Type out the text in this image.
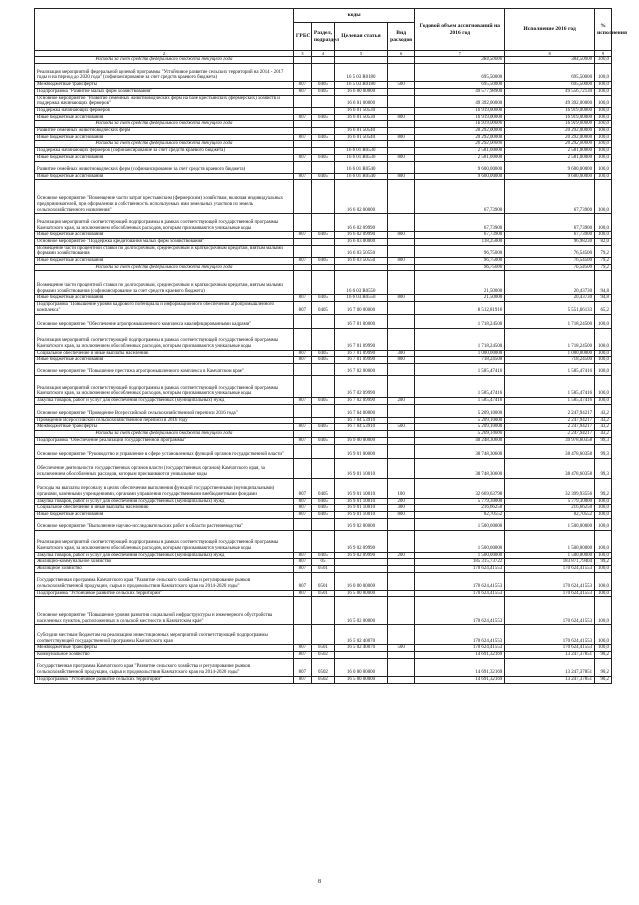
	коды				Годовой объем ассигнований на 2016 год	Исполнение 2016 год	% исполнения
	ГРБС	Раздел, подраздел	Целевая статья	Вид расходов			
2	3	4	5	6	7	8	9
Расходы за счет средств федерального бюджета текущего года					384,50000	384,50000	100,0
Реализация мероприятий федеральной целевой программы "Устойчивое развитие сельских территорий на 2014 - 2017 годы и на период до 2020 года" (софинансирование за счет средств краевого бюджета)			16 5 03 R0180		695,50000	695,50000	100,0
Межбюджетные трансферты	807	0405	16 5 03 R0180	500	695,50000	695,50000	100,0
Подпрограмма "Развитие малых форм хозяйствования"	807	0405	16 6 00 00000		49 577,98900	49 556,72130	100,0
Основное мероприятие "Развитие семейных животноводческих ферм на базе крестьянских (фермерских) хозяйств и поддержка начинающих фермеров"			16 6 01 00000		49 392,00000	49 392,00000	100,0
Поддержка начинающих фермеров			16 6 01 50530		16 919,00000	16 919,00000	100,0
Иные бюджетные ассигнования	807	0405	16 6 01 50530	800	16 919,00000	16 919,00000	100,0
Расходы за счет средств федерального бюджета текущего года					16 919,00000	16 919,00000	100,0
Развитие семейных животноводческих ферм			16 6 01 50540		20 292,00000	20 292,00000	100,0
Иные бюджетные ассигнования	807	0405	16 6 01 50540	800	20 292,00000	20 292,00000	100,0
Расходы за счет средств федерального бюджета текущего года					20 292,00000	20 292,00000	100,0
Поддержка начинающих фермеров (софинансирование за счет средств краевого бюджета)			16 6 01 R0530		2 581,00000	2 581,00000	100,0
Иные бюджетные ассигнования	807	0405	16 6 01 R0530	800	2 581,00000	2 581,00000	100,0
Развитие семейных животноводческих ферм (софинансирование за счет средств краевого бюджета)			16 6 01 R0540		9 600,00000	9 600,00000	100,0
Иные бюджетные ассигнования	807	0405	16 6 01 R0540	800	9 600,00000	9 600,00000	100,0
Основное мероприятие "Возмещение части затрат крестьянским (фермерским) хозяйствам, включая индивидуальных предпринимателей, при оформлении в собственность используемых ими земельных участков из земель сельскохозяйственного назначения"			16 6 02 00000		67,73900	67,73900	100,0
Реализация мероприятий соответствующей подпрограммы в рамках соответствующей государственной программы Камчатского края, за исключением обособленных расходов, которым присваиваются уникальные коды			16 6 02 09990		67,73900	67,73900	100,0
Иные бюджетные ассигнования	807	0405	16 6 02 09990	800	67,73900	67,73900	100,0
Основное мероприятие "Поддержка кредитования малых форм хозяйствования"			16 6 03 00000		118,25000	96,98230	82,0
Возмещение части процентной ставки по долгосрочным, среднесрочным и краткосрочным кредитам, взятым малыми формами хозяйствования			16 6 03 50550		96,75000	76,54500	79,2
Иные бюджетные ассигнования	807	0405	16 6 03 50550	800	96,75000	76,54500	79,2
Расходы за счет средств федерального бюджета текущего года					96,75000	76,54500	79,2
Возмещение части процентной ставки по долгосрочным, среднесрочным и краткосрочным кредитам, взятым малыми формами хозяйствования (софинансирование за счет средств краевого бюджета)			16 6 03 R0550		21,50000	20,43730	94,8
Иные бюджетные ассигнования	807	0405	16 6 03 R0550	800	21,50000	20,43730	94,8
Подпрограмма "Повышение уровня кадрового потенциала и информационного обеспечения агропромышленного комплекса"	807	0405	16 7 00 00000		8 512,81916	5 551,66133	65,2
Основное мероприятие "Обеспечение агропромышленного комплекса квалифицированными кадрами"			16 7 01 00000		1 718,24500	1 718,24500	100,0
Реализация мероприятий соответствующей подпрограммы в рамках соответствующей государственной программы Камчатского края, за исключением обособленных расходов, которым присваиваются уникальные коды			16 7 01 09990		1 718,24500	1 718,24500	100,0
Социальное обеспечение и иные выплаты населению	807	0405	16 7 01 09990	300	1 000,00000	1 000,00000	100,0
Иные бюджетные ассигнования	807	0405	16 7 01 09990	800	718,24500	718,24500	100,0
Основное мероприятие "Повышение престижа агропромышленного комплекса в Камчатском крае"			16 7 02 00000		1 585,47416	1 585,47416	100,0
Реализация мероприятий соответствующей подпрограммы в рамках соответствующей государственной программы Камчатского края, за исключением обособленных расходов, которым присваиваются уникальные коды			16 7 02 09990		1 585,47416	1 585,47416	100,0
Закупка товаров, работ и услуг для обеспечения государственных (муниципальных) нужд	807	0405	16 7 02 09990	200	1 585,47416	1 585,47416	100,0
Основное мероприятие "Проведение Всероссийской сельскохозяйственной переписи 2016 года"			16 7 04 00000		5 209,10000	2 247,94217	43,2
Проведение Всероссийской сельскохозяйственной переписи в 2016 году			16 7 04 53910		5 209,10000	2 247,94217	43,2
Межбюджетные трансферты	807	0405	16 7 04 53910	500	5 209,10000	2 247,94217	43,2
Расходы за счет средств федерального бюджета текущего года					5 209,10000	2 247,94217	43,2
Подпрограмма "Обеспечение реализации государственной программы"	807	0405	16 9 00 00000		40 248,30600	39 978,60358	99,3
Основное мероприятие "Руководство и управление в сфере установленных функций органов государственной власти"			16 9 01 00000		38 748,30600	38 478,60358	99,3
Обеспечение деятельности государственных органов власти (государственных органов) Камчатского края, за исключением обособленных расходов, которым присваиваются уникальные коды			16 9 01 10010		38 748,30600	38 478,60358	99,3
Расходы на выплаты персоналу в целях обеспечения выполнения функций государственными (муниципальными) органами, казенными учреждениями, органами управления государственными внебюджетными фондами	807	0405	16 9 01 10010	100	32 669,63798	32 399,93556	99,2
Закупка товаров, работ и услуг для обеспечения государственных (муниципальных) нужд	807	0405	16 9 01 10010	200	5 779,30000	5 779,30000	100,0
Социальное обеспечение и иные выплаты населению	807	0405	16 9 01 10010	300	216,66250	216,66250	100,0
Иные бюджетные ассигнования	807	0405	16 9 01 10010	800	82,70552	82,70552	100,0
Основное мероприятие "Выполнение научно-исследовательских работ в области растениеводства"			16 9 02 00000		1 500,00000	1 500,00000	100,0
Реализация мероприятий соответствующей подпрограммы в рамках соответствующей государственной программы Камчатского края, за исключением обособленных расходов, которым присваиваются уникальные коды			16 9 02 09990		1 500,00000	1 500,00000	100,0
Закупка товаров, работ и услуг для обеспечения государственных (муниципальных) нужд	807	0405	16 9 02 09990	200	1 500,00000	1 500,00000	100,0
Жилищно-коммунальное хозяйство	807	05			185 315,73722	183 871,79404	99,2
Жилищное хозяйство	807	0501			170 624,41553	170 624,41553	100,0
Государственная программа Камчатского края "Развитие сельского хозяйства и регулирование рынков сельскохозяйственной продукции, сырья и продовольствия Камчатского края на 2014-2020 годы"	807	0501	16 0 00 00000		170 624,41553	170 624,41553	100,0
Подпрограмма "Устойчивое развитие сельских территорий"	807	0501	16 5 00 00000		170 624,41553	170 624,41553	100,0
Основное мероприятие "Повышение уровня развития социальной инфраструктуры и инженерного обустройства населенных пунктов, расположенных в сельской местности в Камчатском крае"			16 5 02 00000		170 624,41553	170 624,41553	100,0
Субсидии местным бюджетам на реализацию инвестиционных мероприятий соответствующей подпрограммы соответствующей государственной программы Камчатского края			16 5 02 40070		170 624,41553	170 624,41553	100,0
Межбюджетные трансферты	807	0501	16 5 02 40070	500	170 624,41553	170 624,41553	100,0
Коммунальное хозяйство	807	0502			14 691,32169	13 247,37851	90,2
Государственная программа Камчатского края "Развитие сельского хозяйства и регулирование рынков сельскохозяйственной продукции, сырья и продовольствия Камчатского края на 2014-2020 годы"	807	0502	16 0 00 00000		14 691,32169	13 247,37851	90,2
Подпрограмма "Устойчивое развитие сельских территорий"	807	0502	16 5 00 00000		14 691,32169	13 247,37851	90,2
8
